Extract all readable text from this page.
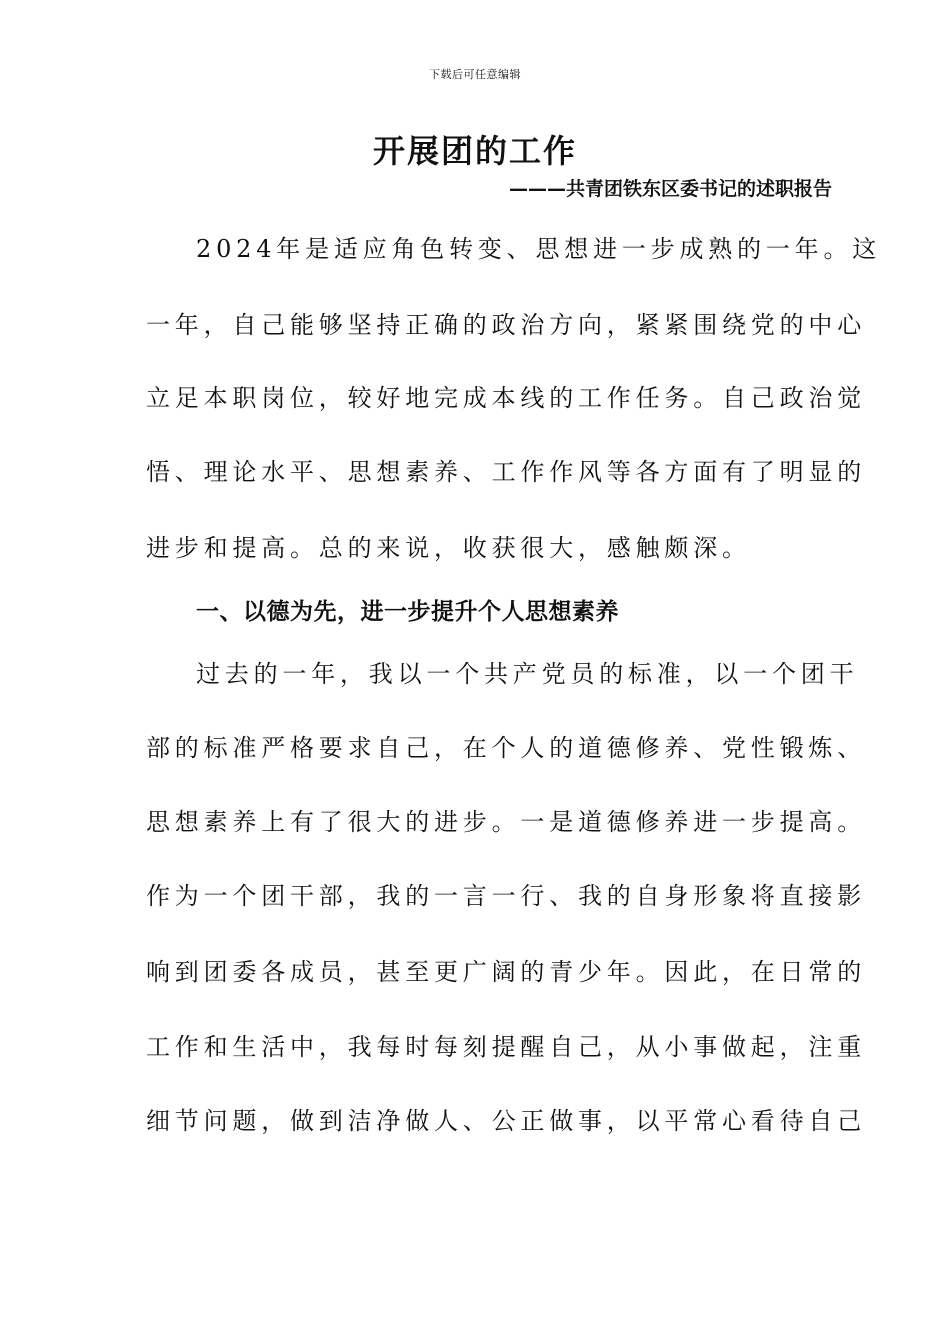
下载后可任意编辑
开展团的工作
———共青团铁东区委书记的述职报告
2024年是适应角色转变、思想进一步成熟的一年。这
一年，自己能够坚持正确的政治方向，紧紧围绕党的中心
立足本职岗位，较好地完成本线的工作任务。自己政治觉
悟、理论水平、思想素养、工作作风等各方面有了明显的
进步和提高。总的来说，收获很大，感触颇深。
一、以德为先，进一步提升个人思想素养
过去的一年，我以一个共产党员的标准，以一个团干
部的标准严格要求自己，在个人的道德修养、党性锻炼、
思想素养上有了很大的进步。一是道德修养进一步提高。
作为一个团干部，我的一言一行、我的自身形象将直接影
响到团委各成员，甚至更广阔的青少年。因此，在日常的
工作和生活中，我每时每刻提醒自己，从小事做起，注重
细节问题，做到洁净做人、公正做事，以平常心看待自己
